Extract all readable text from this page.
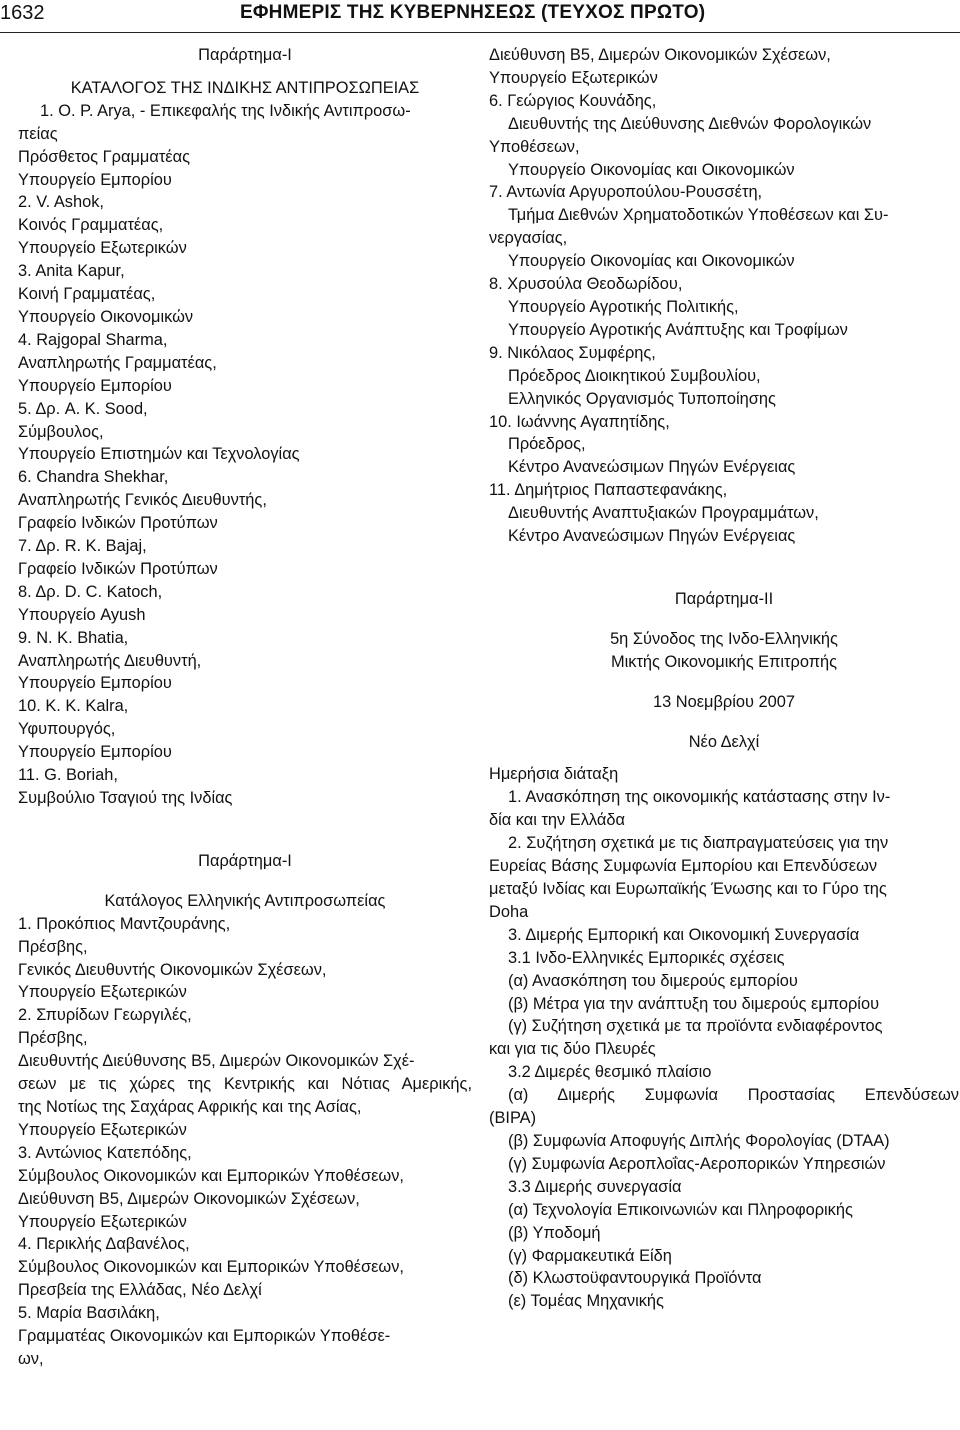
1632	ΕΦΗΜΕΡΙΣ ΤΗΣ ΚΥΒΕΡΝΗΣΕΩΣ (ΤΕΥΧΟΣ ΠΡΩΤΟ)
Παράρτημα-I
ΚΑΤΑΛΟΓΟΣ ΤΗΣ ΙΝΔΙΚΗΣ ΑΝΤΙΠΡΟΣΩΠΕΙΑΣ
1. O. P. Arya, - Επικεφαλής της Ινδικής Αντιπροσω-
πείας
Πρόσθετος Γραμματέας
Υπουργείο Εμπορίου
2. V. Ashok,
Κοινός Γραμματέας,
Υπουργείο Εξωτερικών
3. Anita Kapur,
Κοινή Γραμματέας,
Υπουργείο Οικονομικών
4. Rajgopal Sharma,
Αναπληρωτής Γραμματέας,
Υπουργείο Εμπορίου
5. Δρ. A. K. Sood,
Σύμβουλος,
Υπουργείο Επιστημών και Τεχνολογίας
6. Chandra Shekhar,
Αναπληρωτής Γενικός Διευθυντής,
Γραφείο Ινδικών Προτύπων
7. Δρ. R. K. Bajaj,
Γραφείο Ινδικών Προτύπων
8. Δρ. D. C. Katoch,
Υπουργείο Ayush
9. N. K. Bhatia,
Αναπληρωτής Διευθυντή,
Υπουργείο Εμπορίου
10. K. K. Kalra,
Υφυπουργός,
Υπουργείο Εμπορίου
11. G. Boriah,
Συμβούλιο Τσαγιού της Ινδίας
Παράρτημα-I
Κατάλογος Ελληνικής Αντιπροσωπείας
1. Προκόπιος Μαντζουράνης,
Πρέσβης,
Γενικός Διευθυντής Οικονομικών Σχέσεων,
Υπουργείο Εξωτερικών
2. Σπυρίδων Γεωργιλές,
Πρέσβης,
Διευθυντής Διεύθυνσης Β5, Διμερών Οικονομικών Σχέ-
σεων με τις χώρες της Κεντρικής και Νότιας Αμερικής,
της Νοτίως της Σαχάρας Αφρικής και της Ασίας,
Υπουργείο Εξωτερικών
3. Αντώνιος Κατεπόδης,
Σύμβουλος Οικονομικών και Εμπορικών Υποθέσεων,
Διεύθυνση Β5, Διμερών Οικονομικών Σχέσεων,
Υπουργείο Εξωτερικών
4. Περικλής Δαβανέλος,
Σύμβουλος Οικονομικών και Εμπορικών Υποθέσεων,
Πρεσβεία της Ελλάδας, Νέο Δελχί
5. Μαρία Βασιλάκη,
Γραμματέας Οικονομικών και Εμπορικών Υποθέσε-
ων,
Διεύθυνση Β5, Διμερών Οικονομικών Σχέσεων,
Υπουργείο Εξωτερικών
6. Γεώργιος Κουνάδης,
Διευθυντής της Διεύθυνσης Διεθνών Φορολογικών
Υποθέσεων,
Υπουργείο Οικονομίας και Οικονομικών
7. Αντωνία Αργυροπούλου-Ρουσσέτη,
Τμήμα Διεθνών Χρηματοδοτικών Υποθέσεων και Συ-
νεργασίας,
Υπουργείο Οικονομίας και Οικονομικών
8. Χρυσούλα Θεοδωρίδου,
Υπουργείο Αγροτικής Πολιτικής,
Υπουργείο Αγροτικής Ανάπτυξης και Τροφίμων
9. Νικόλαος Συμφέρης,
Πρόεδρος Διοικητικού Συμβουλίου,
Ελληνικός Οργανισμός Τυποποίησης
10. Ιωάννης Αγαπητίδης,
Πρόεδρος,
Κέντρο Ανανεώσιμων Πηγών Ενέργειας
11. Δημήτριος Παπαστεφανάκης,
Διευθυντής Αναπτυξιακών Προγραμμάτων,
Κέντρο Ανανεώσιμων Πηγών Ενέργειας
Παράρτημα-II
5η Σύνοδος της Ινδο-Ελληνικής
Μικτής Οικονομικής Επιτροπής
13 Νοεμβρίου 2007
Νέο Δελχί
Ημερήσια διάταξη
1. Ανασκόπηση της οικονομικής κατάστασης στην Ιν-
δία και την Ελλάδα
2. Συζήτηση σχετικά με τις διαπραγματεύσεις για την
Ευρείας Βάσης Συμφωνία Εμπορίου και Επενδύσεων
μεταξύ Ινδίας και Ευρωπαϊκής Ένωσης και το Γύρο της
Doha
3. Διμερής Εμπορική και Οικονομική Συνεργασία
3.1 Ινδο-Ελληνικές Εμπορικές σχέσεις
(α) Ανασκόπηση του διμερούς εμπορίου
(β) Μέτρα για την ανάπτυξη του διμερούς εμπορίου
(γ) Συζήτηση σχετικά με τα προϊόντα ενδιαφέροντος
και για τις δύο Πλευρές
3.2 Διμερές θεσμικό πλαίσιο
(α) Διμερής Συμφωνία Προστασίας Επενδύσεων
(BIPA)
(β) Συμφωνία Αποφυγής Διπλής Φορολογίας (DTAA)
(γ) Συμφωνία Αεροπλοΐας-Αεροπορικών Υπηρεσιών
3.3 Διμερής συνεργασία
(α) Τεχνολογία Επικοινωνιών και Πληροφορικής
(β) Υποδομή
(γ) Φαρμακευτικά Είδη
(δ) Κλωστοϋφαντουργικά Προϊόντα
(ε) Τομέας Μηχανικής
